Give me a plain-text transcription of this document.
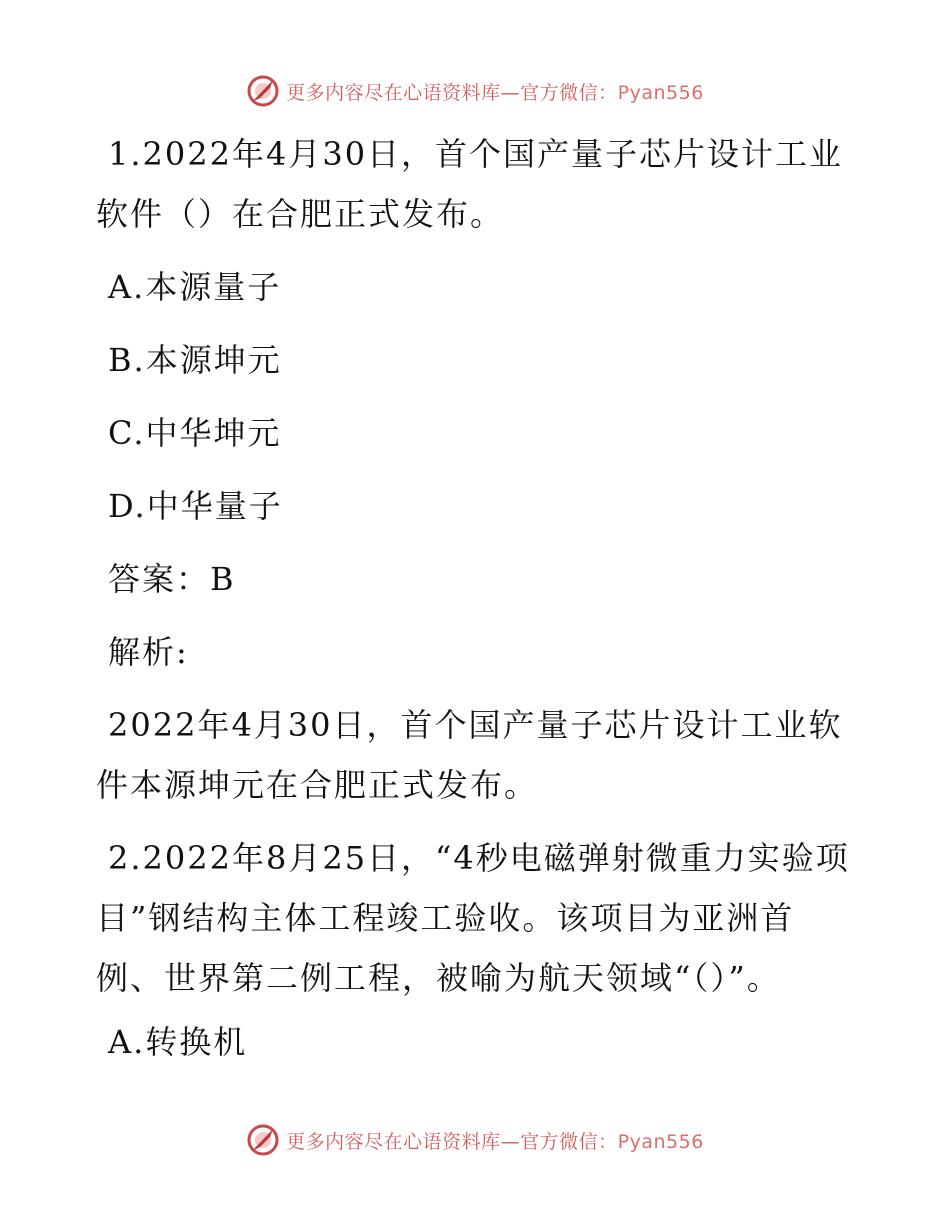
更多内容尽在心语资料库—官方微信：Pyan556

1.2022年4月30日，首个国产量子芯片设计工业软件（）在合肥正式发布。

A.本源量子

B.本源坤元

C.中华坤元

D.中华量子

答案：B

解析:

2022年4月30日，首个国产量子芯片设计工业软件本源坤元在合肥正式发布。

2.2022年8月25日，“4秒电磁弹射微重力实验项目”钢结构主体工程竣工验收。该项目为亚洲首例、世界第二例工程，被喻为航天领域“（）”。

A.转换机

更多内容尽在心语资料库—官方微信：Pyan556
